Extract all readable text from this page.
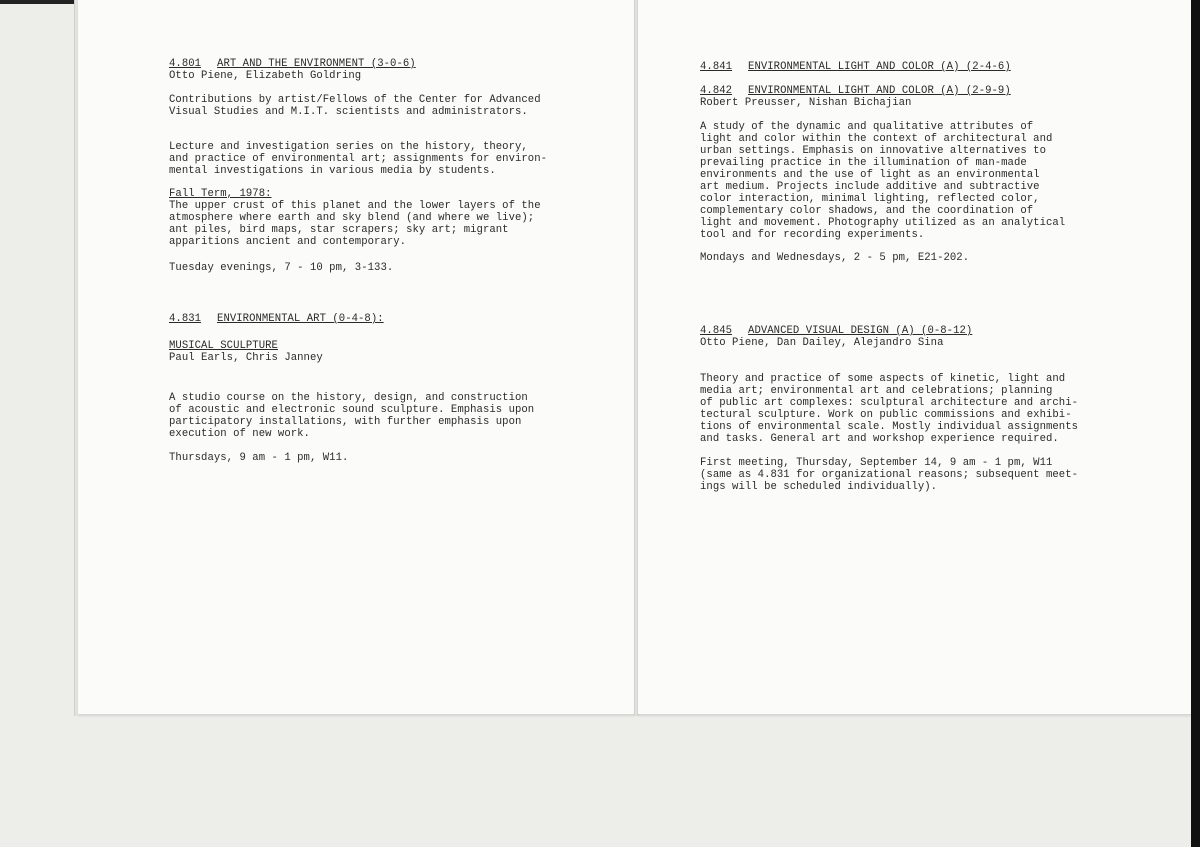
4.801 ART AND THE ENVIRONMENT (3-0-6)
Otto Piene, Elizabeth Goldring
Contributions by artist/Fellows of the Center for Advanced
Visual Studies and M.I.T. scientists and administrators.
Lecture and investigation series on the history, theory,
and practice of environmental art; assignments for environ-
mental investigations in various media by students.
Fall Term, 1978:
The upper crust of this planet and the lower layers of the
atmosphere where earth and sky blend (and where we live);
ant piles, bird maps, star scrapers; sky art; migrant
apparitions ancient and contemporary.
Tuesday evenings, 7 - 10 pm, 3-133.
4.831 ENVIRONMENTAL ART (0-4-8):
MUSICAL SCULPTURE
Paul Earls, Chris Janney
A studio course on the history, design, and construction
of acoustic and electronic sound sculpture. Emphasis upon
participatory installations, with further emphasis upon
execution of new work.
Thursdays, 9 am - 1 pm, W11.
4.841 ENVIRONMENTAL LIGHT AND COLOR (A) (2-4-6)
4.842 ENVIRONMENTAL LIGHT AND COLOR (A) (2-9-9)
Robert Preusser, Nishan Bichajian
A study of the dynamic and qualitative attributes of
light and color within the context of architectural and
urban settings. Emphasis on innovative alternatives to
prevailing practice in the illumination of man-made
environments and the use of light as an environmental
art medium. Projects include additive and subtractive
color interaction, minimal lighting, reflected color,
complementary color shadows, and the coordination of
light and movement. Photography utilized as an analytical
tool and for recording experiments.
Mondays and Wednesdays, 2 - 5 pm, E21-202.
4.845 ADVANCED VISUAL DESIGN (A) (0-8-12)
Otto Piene, Dan Dailey, Alejandro Sina
Theory and practice of some aspects of kinetic, light and
media art; environmental art and celebrations; planning
of public art complexes: sculptural architecture and archi-
tectural sculpture. Work on public commissions and exhibi-
tions of environmental scale. Mostly individual assignments
and tasks. General art and workshop experience required.
First meeting, Thursday, September 14, 9 am - 1 pm, W11
(same as 4.831 for organizational reasons; subsequent meet-
ings will be scheduled individually).
